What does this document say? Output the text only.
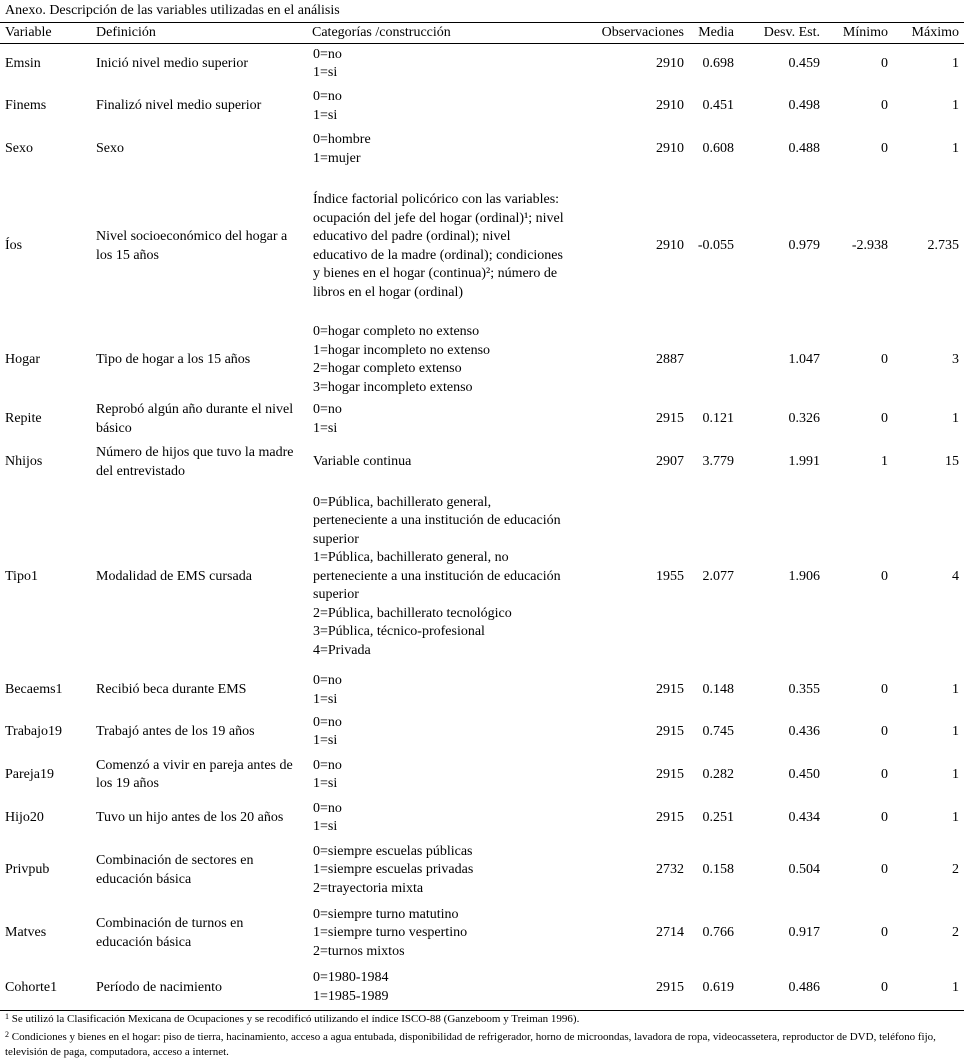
Anexo. Descripción de las variables utilizadas en el análisis
Variable	Definición	Categorías /construcción	Observaciones	Media	Desv. Est.	Mínimo	Máximo
Emsin	Inició nivel medio superior	0=no
1=si	2910	0.698	0.459	0	1
Finems	Finalizó nivel medio superior	0=no
1=si	2910	0.451	0.498	0	1
Sexo	Sexo	0=hombre
1=mujer	2910	0.608	0.488	0	1
Íos	Nivel socioeconómico del hogar a los 15 años	Índice factorial policórico con las variables: ocupación del jefe del hogar (ordinal)¹; nivel educativo del padre (ordinal); nivel educativo de la madre (ordinal); condiciones y bienes en el hogar (continua)²; número de libros en el hogar (ordinal)	2910	-0.055	0.979	-2.938	2.735
Hogar	Tipo de hogar a los 15 años	0=hogar completo no extenso
1=hogar incompleto no extenso
2=hogar completo extenso
3=hogar incompleto extenso	2887		1.047	0	3
Repite	Reprobó algún año durante el nivel básico	0=no
1=si	2915	0.121	0.326	0	1
Nhijos	Número de hijos que tuvo la madre del entrevistado	Variable continua	2907	3.779	1.991	1	15
Tipo1	Modalidad de EMS cursada	0=Pública, bachillerato general, perteneciente a una institución de educación superior
1=Pública, bachillerato general, no perteneciente a una institución de educación superior
2=Pública, bachillerato tecnológico
3=Pública, técnico-profesional
4=Privada	1955	2.077	1.906	0	4
Becaems1	Recibió beca durante EMS	0=no
1=si	2915	0.148	0.355	0	1
Trabajo19	Trabajó antes de los 19 años	0=no
1=si	2915	0.745	0.436	0	1
Pareja19	Comenzó a vivir en pareja antes de los 19 años	0=no
1=si	2915	0.282	0.450	0	1
Hijo20	Tuvo un hijo antes de los 20 años	0=no
1=si	2915	0.251	0.434	0	1
Privpub	Combinación de sectores en educación básica	0=siempre escuelas públicas
1=siempre escuelas privadas
2=trayectoria mixta	2732	0.158	0.504	0	2
Matves	Combinación de turnos en educación básica	0=siempre turno matutino
1=siempre turno vespertino
2=turnos mixtos	2714	0.766	0.917	0	2
Cohorte1	Período de nacimiento	0=1980-1984
1=1985-1989	2915	0.619	0.486	0	1
$^1$ Se utilizó la Clasificación Mexicana de Ocupaciones y se recodificó utilizando el índice ISCO-88 (Ganzeboom y Treiman 1996).
$^2$ Condiciones y bienes en el hogar: piso de tierra, hacinamiento, acceso a agua entubada, disponibilidad de refrigerador, horno de microondas, lavadora de ropa, videocassetera, reproductor de DVD, teléfono fijo, televisión de paga, computadora, acceso a internet.
